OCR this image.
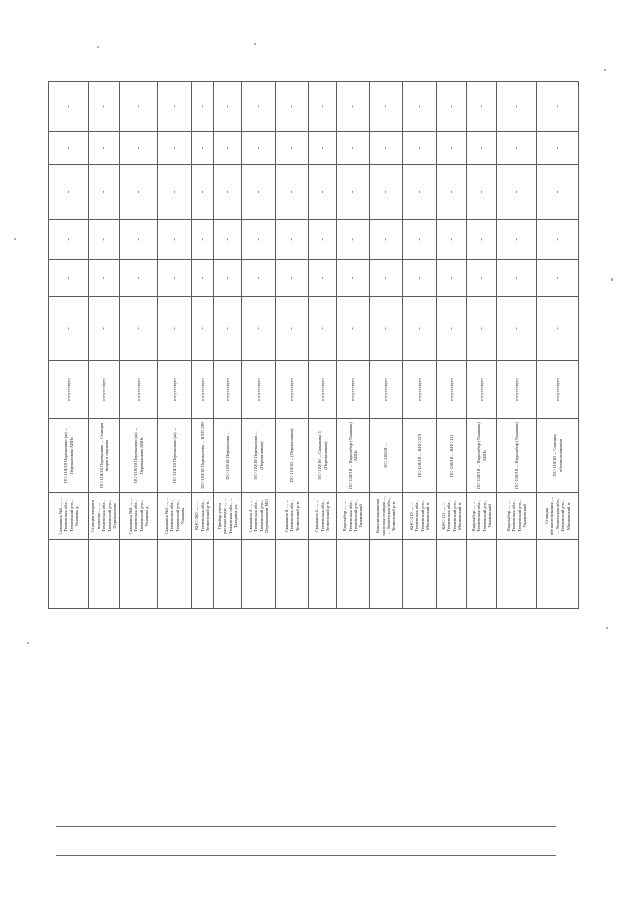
	Скважина №6 ..., ... Тюменская обл., Тюменский р-н., Ушакова д.	ПС-110/10 Перевалово (ж) ... Переваловом АВНс	отсутствует	-	-	-	-	-	-
	Станция второго подъема ..., ... Тюменская обл., Тюменский р-н., Переваловом	ПС-110/10 Перевалово ... Станция второго подъема	отсутствует	-	-	-	-	-	-
	Скважина №8 ..., ... Тюменская обл., Тюменский р-н., Ушакова д.	ПС-110/10 Перевалово (ж) ... Переваловом АВНс	отсутствует	-	-	-	-	-	-
	Скважина №5 ..., ... Тюменская обл., Тюменский р-н., Ушакова	ПС-110/10 Перевалово (ж) ...	отсутствует	-	-	-	-	-	-
	КНС-282 ..., ... Тюменская обл., Тюменский р-н.	ПС-110/10 Перевалово ... КТП 190	отсутствует	-	-	-	-	-	-
	Прибор учета расхода воды ..., ... Тюменская обл., ... Татарина ул.	ПС-110/10 Перевалово ...	отсутствует	-	-	-	-	-	-
	Скважина 4 ..., ... Тюменская обл., Тюменский р-н., Переваловом МО	ПС-110/10 Перевалово ... (Переваловом)	отсутствует	-	-	-	-	-	-
	Скважина 8 ..., ... Тюменская обл., Тюменский р-н.	ПС-110/10 ... (Переваловом)	отсутствует	-	-	-	-	-	-
	Скважина 6 ..., ... Тюменская обл., Тюменский р-н.	ПС-110/10 ... Скважина 5 (Переваловом)	отсутствует	-	-	-	-	-	-
	Водозабор ..., ... Тюменская обл., Тюменский р-н., Ушаковский	ПС-110/10 ... Водозабор (Ушаково) АВНс	отсутствует	-	-	-	-	-	-
	Канализационная насосная станция ..., ... Тюменская обл., Тюменский р-н.	ПС-110/10 ...	отсутствует	-	-	-	-	-	-
	КНС-219 ..., ... Тюменская обл., Тюменский р-н., Московский п.	ПС-110/10 ... КНС-219	отсутствует	-	-	-	-	-	-
	КНС-111 ..., ... Тюменская обл., Тюменский р-н., Московский п.	ПС-110/10 ... КНС-111	отсутствует	-	-	-	-	-	-
	Водозабор ..., ... Тюменская обл., Тюменский р-н., Ушаковский	ПС-110/10 ... Водозабор (Ушаково) АВНс	отсутствует	-	-	-	-	-	-
	Водозабор ..., ... Тюменская обл., Тюменский р-н., Ушаковский	ПС-110/10 ... Водозабор (Ушаково)	отсутствует	-	-	-	-	-	-
	Станция обезжелезивания ..., ... Тюменская обл., Тюменский р-н., Московский п.	ПС-110/10 ... Станция обезжелезивания	отсутствует	-	-	-	-	-	-
